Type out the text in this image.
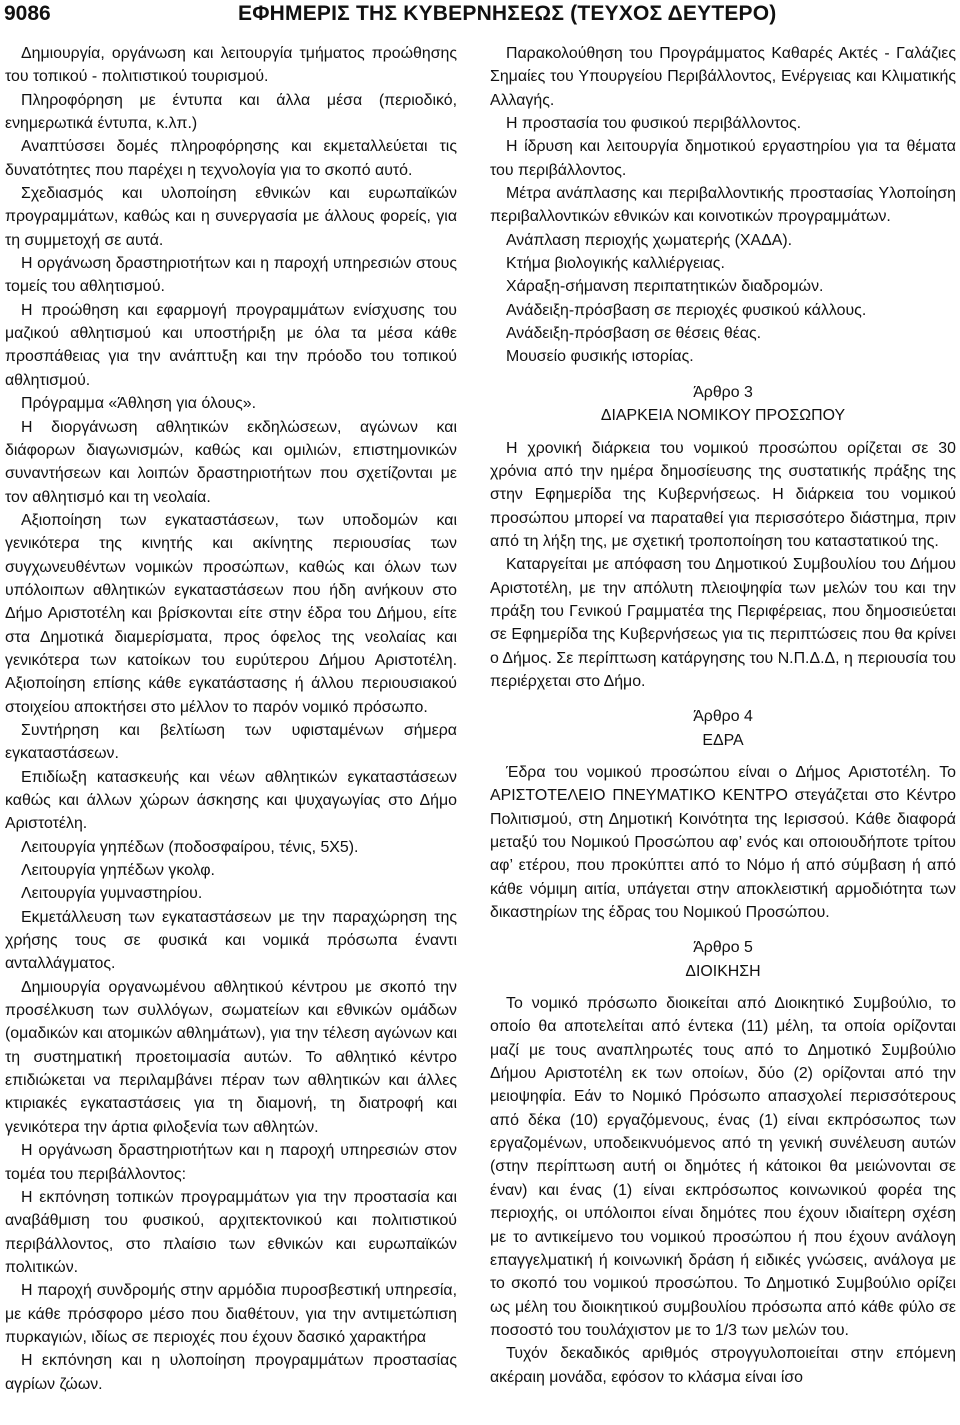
9086	ΕΦΗΜΕΡΙΣ ΤΗΣ ΚΥΒΕΡΝΗΣΕΩΣ (ΤΕΥΧΟΣ ΔΕΥΤΕΡΟ)

Δημιουργία, οργάνωση και λειτουργία τμήματος προώθησης του τοπικού - πολιτιστικού τουρισμού.

Πληροφόρηση με έντυπα και άλλα μέσα (περιοδικό, ενημερωτικά έντυπα, κ.λπ.)

Αναπτύσσει δομές πληροφόρησης και εκμεταλλεύεται τις δυνατότητες που παρέχει η τεχνολογία για το σκοπό αυτό.

Σχεδιασμός και υλοποίηση εθνικών και ευρωπαϊκών προγραμμάτων, καθώς και η συνεργασία με άλλους φορείς, για τη συμμετοχή σε αυτά.

Η οργάνωση δραστηριοτήτων και η παροχή υπηρεσιών στους τομείς του αθλητισμού.

Η προώθηση και εφαρμογή προγραμμάτων ενίσχυσης του μαζικού αθλητισμού και υποστήριξη με όλα τα μέσα κάθε προσπάθειας για την ανάπτυξη και την πρόοδο του τοπικού αθλητισμού.

Πρόγραμμα «Άθληση για όλους».

Η διοργάνωση αθλητικών εκδηλώσεων, αγώνων και διάφορων διαγωνισμών, καθώς και ομιλιών, επιστημονικών συναντήσεων και λοιπών δραστηριοτήτων που σχετίζονται με τον αθλητισμό και τη νεολαία.

Αξιοποίηση των εγκαταστάσεων, των υποδομών και γενικότερα της κινητής και ακίνητης περιουσίας των συγχωνευθέντων νομικών προσώπων, καθώς και όλων των υπόλοιπων αθλητικών εγκαταστάσεων που ήδη ανήκουν στο Δήμο Αριστοτέλη και βρίσκονται είτε στην έδρα του Δήμου, είτε στα Δημοτικά διαμερίσματα, προς όφελος της νεολαίας και γενικότερα των κατοίκων του ευρύτερου Δήμου Αριστοτέλη. Αξιοποίηση επίσης κάθε εγκατάστασης ή άλλου περιουσιακού στοιχείου αποκτήσει στο μέλλον το παρόν νομικό πρόσωπο.

Συντήρηση και βελτίωση των υφισταμένων σήμερα εγκαταστάσεων.

Επιδίωξη κατασκευής και νέων αθλητικών εγκαταστάσεων καθώς και άλλων χώρων άσκησης και ψυχαγωγίας στο Δήμο Αριστοτέλη.

Λειτουργία γηπέδων (ποδοσφαίρου, τένις, 5Χ5).

Λειτουργία γηπέδων γκολφ.

Λειτουργία γυμναστηρίου.

Εκμετάλλευση των εγκαταστάσεων με την παραχώρηση της χρήσης τους σε φυσικά και νομικά πρόσωπα έναντι ανταλλάγματος.

Δημιουργία οργανωμένου αθλητικού κέντρου με σκοπό την προσέλκυση των συλλόγων, σωματείων και εθνικών ομάδων (ομαδικών και ατομικών αθλημάτων), για την τέλεση αγώνων και τη συστηματική προετοιμασία αυτών. Το αθλητικό κέντρο επιδιώκεται να περιλαμβάνει πέραν των αθλητικών και άλλες κτιριακές εγκαταστάσεις για τη διαμονή, τη διατροφή και γενικότερα την άρτια φιλοξενία των αθλητών.

Η οργάνωση δραστηριοτήτων και η παροχή υπηρεσιών στον τομέα του περιβάλλοντος:

Η εκπόνηση τοπικών προγραμμάτων για την προστασία και αναβάθμιση του φυσικού, αρχιτεκτονικού και πολιτιστικού περιβάλλοντος, στο πλαίσιο των εθνικών και ευρωπαϊκών πολιτικών.

Η παροχή συνδρομής στην αρμόδια πυροσβεστική υπηρεσία, με κάθε πρόσφορο μέσο που διαθέτουν, για την αντιμετώπιση πυρκαγιών, ιδίως σε περιοχές που έχουν δασικό χαρακτήρα

Η εκπόνηση και η υλοποίηση προγραμμάτων προστασίας αγρίων ζώων.

Παρακολούθηση του Προγράμματος Καθαρές Ακτές - Γαλάζιες Σημαίες του Υπουργείου Περιβάλλοντος, Ενέργειας και Κλιματικής Αλλαγής.

Η προστασία του φυσικού περιβάλλοντος.

Η ίδρυση και λειτουργία δημοτικού εργαστηρίου για τα θέματα του περιβάλλοντος.

Μέτρα ανάπλασης και περιβαλλοντικής προστασίας Υλοποίηση περιβαλλοντικών εθνικών και κοινοτικών προγραμμάτων.

Ανάπλαση περιοχής χωματερής (ΧΑΔΑ).

Κτήμα βιολογικής καλλιέργειας.

Χάραξη-σήμανση περιπατητικών διαδρομών.

Ανάδειξη-πρόσβαση σε περιοχές φυσικού κάλλους.

Ανάδειξη-πρόσβαση σε θέσεις θέας.

Μουσείο φυσικής ιστορίας.

Άρθρο 3

ΔΙΑΡΚΕΙΑ ΝΟΜΙΚΟΥ ΠΡΟΣΩΠΟΥ

Η χρονική διάρκεια του νομικού προσώπου ορίζεται σε 30 χρόνια από την ημέρα δημοσίευσης της συστατικής πράξης της στην Εφημερίδα της Κυβερνήσεως. Η διάρκεια του νομικού προσώπου μπορεί να παραταθεί για περισσότερο διάστημα, πριν από τη λήξη της, με σχετική τροποποίηση του καταστατικού της.

Καταργείται με απόφαση του Δημοτικού Συμβουλίου του Δήμου Αριστοτέλη, με την απόλυτη πλειοψηφία των μελών του και την πράξη του Γενικού Γραμματέα της Περιφέρειας, που δημοσιεύεται σε Εφημερίδα της Κυβερνήσεως για τις περιπτώσεις που θα κρίνει ο Δήμος. Σε περίπτωση κατάργησης του Ν.Π.Δ.Δ, η περιουσία του περιέρχεται στο Δήμο.

Άρθρο 4

ΕΔΡΑ

Έδρα του νομικού προσώπου είναι ο Δήμος Αριστοτέλη. Το ΑΡΙΣΤΟΤΕΛΕΙΟ ΠΝΕΥΜΑΤΙΚΟ ΚΕΝΤΡΟ στεγάζεται στο Κέντρο Πολιτισμού, στη Δημοτική Κοινότητα της Ιερισσού. Κάθε διαφορά μεταξύ του Νομικού Προσώπου αφ’ ενός και οποιουδήποτε τρίτου αφ’ ετέρου, που προκύπτει από το Νόμο ή από σύμβαση ή από κάθε νόμιμη αιτία, υπάγεται στην αποκλειστική αρμοδιότητα των δικαστηρίων της έδρας του Νομικού Προσώπου.

Άρθρο 5

ΔΙΟΙΚΗΣΗ

Το νομικό πρόσωπο διοικείται από Διοικητικό Συμβούλιο, το οποίο θα αποτελείται από έντεκα (11) μέλη, τα οποία ορίζονται μαζί με τους αναπληρωτές τους από το Δημοτικό Συμβούλιο Δήμου Αριστοτέλη εκ των οποίων, δύο (2) ορίζονται από την μειοψηφία. Εάν το Νομικό Πρόσωπο απασχολεί περισσότερους από δέκα (10) εργαζόμενους, ένας (1) είναι εκπρόσωπος των εργαζομένων, υποδεικνυόμενος από τη γενική συνέλευση αυτών (στην περίπτωση αυτή οι δημότες ή κάτοικοι θα μειώνονται σε έναν) και ένας (1) είναι εκπρόσωπος κοινωνικού φορέα της περιοχής, οι υπόλοιποι είναι δημότες που έχουν ιδιαίτερη σχέση με το αντικείμενο του νομικού προσώπου ή που έχουν ανάλογη επαγγελματική ή κοινωνική δράση ή ειδικές γνώσεις, ανάλογα με το σκοπό του νομικού προσώπου. Το Δημοτικό Συμβούλιο ορίζει ως μέλη του διοικητικού συμβουλίου πρόσωπα από κάθε φύλο σε ποσοστό του τουλάχιστον με το 1/3 των μελών του.

Τυχόν δεκαδικός αριθμός στρογγυλοποιείται στην επόμενη ακέραιη μονάδα, εφόσον το κλάσμα είναι ίσο
